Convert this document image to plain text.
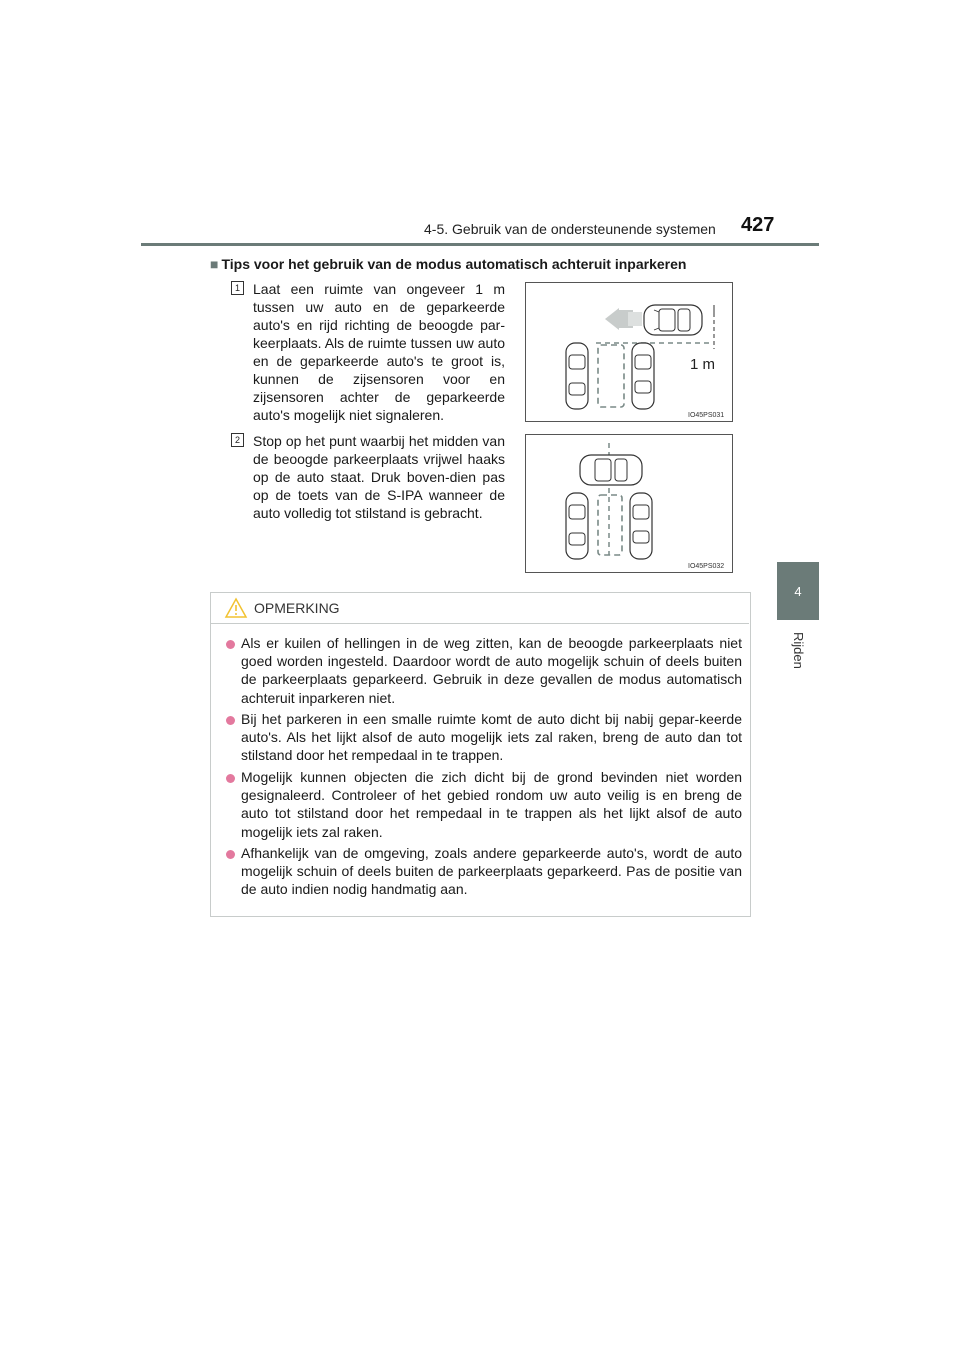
4-5. Gebruik van de ondersteunende systemen 427
4
Rijden
■ Tips voor het gebruik van de modus automatisch achteruit inparkeren
1 Laat een ruimte van ongeveer 1 m tussen uw auto en de geparkeerde auto's en rijd richting de beoogde par-keerplaats. Als de ruimte tussen uw auto en de geparkeerde auto's te groot is, kunnen de zijsensoren voor en zijsensoren achter de geparkeerde auto's mogelijk niet signaleren.
1 m
IO45PS031
2 Stop op het punt waarbij het midden van de beoogde parkeerplaats vrijwel haaks op de auto staat. Druk boven-dien pas op de toets van de S-IPA wanneer de auto volledig tot stilstand is gebracht.
IO45PS032
OPMERKING
Als er kuilen of hellingen in de weg zitten, kan de beoogde parkeerplaats niet goed worden ingesteld. Daardoor wordt de auto mogelijk schuin of deels buiten de parkeerplaats geparkeerd. Gebruik in deze gevallen de modus automatisch achteruit inparkeren niet.
Bij het parkeren in een smalle ruimte komt de auto dicht bij nabij gepar-keerde auto's. Als het lijkt alsof de auto mogelijk iets zal raken, breng de auto dan tot stilstand door het rempedaal in te trappen.
Mogelijk kunnen objecten die zich dicht bij de grond bevinden niet worden gesignaleerd. Controleer of het gebied rondom uw auto veilig is en breng de auto tot stilstand door het rempedaal in te trappen als het lijkt alsof de auto mogelijk iets zal raken.
Afhankelijk van de omgeving, zoals andere geparkeerde auto's, wordt de auto mogelijk schuin of deels buiten de parkeerplaats geparkeerd. Pas de positie van de auto indien nodig handmatig aan.
